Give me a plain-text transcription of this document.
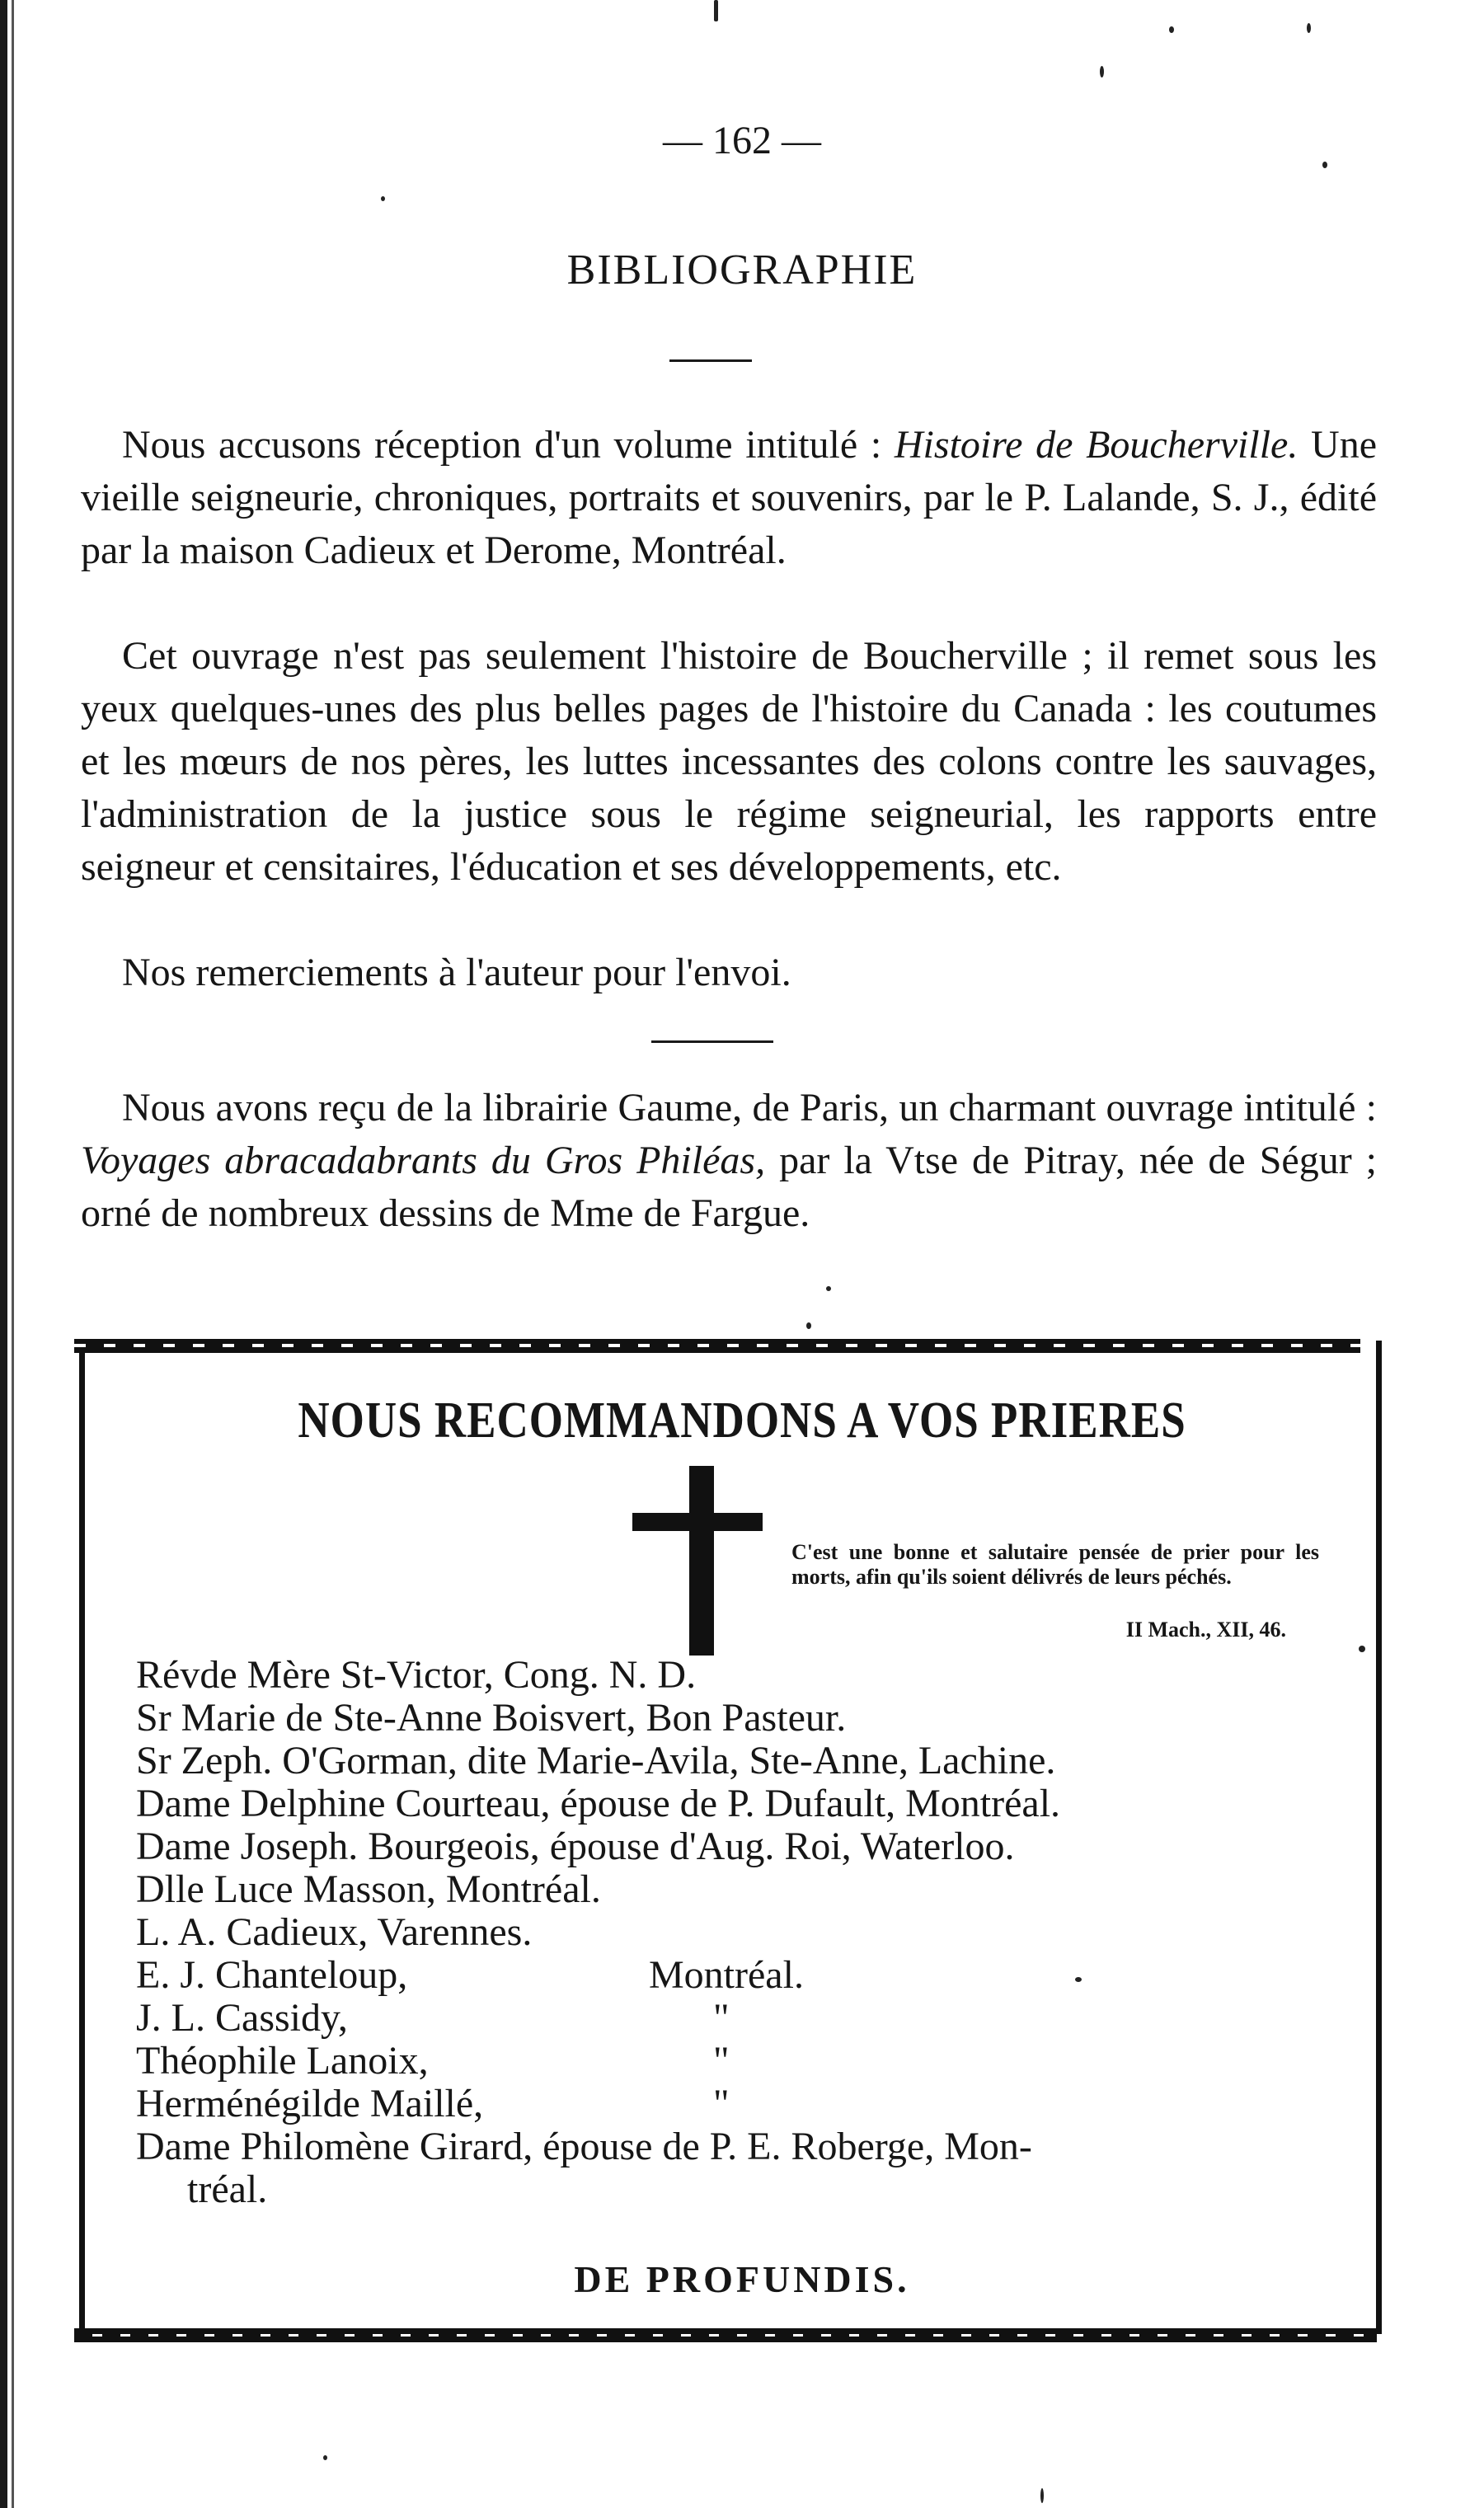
— 162 —
BIBLIOGRAPHIE

Nous accusons réception d'un volume intitulé : Histoire de Boucherville. Une vieille seigneurie, chroniques, portraits et souvenirs, par le P. Lalande, S. J., édité par la maison Cadieux et Derome, Montréal.

Cet ouvrage n'est pas seulement l'histoire de Boucherville ; il remet sous les yeux quelques-unes des plus belles pages de l'histoire du Canada : les coutumes et les mœurs de nos pères, les luttes incessantes des colons contre les sauvages, l'administration de la justice sous le régime seigneurial, les rapports entre seigneur et censitaires, l'éducation et ses développements, etc.

Nos remerciements à l'auteur pour l'envoi.

Nous avons reçu de la librairie Gaume, de Paris, un charmant ouvrage intitulé : Voyages abracadabrants du Gros Philéas, par la Vtse de Pitray, née de Ségur ; orné de nombreux dessins de Mme de Fargue.

NOUS RECOMMANDONS A VOS PRIERES

C'est une bonne et salutaire pensée de prier pour les morts, afin qu'ils soient délivrés de leurs péchés.

II Mach., XII, 46.
Révde Mère St-Victor, Cong. N. D.
Sr Marie de Ste-Anne Boisvert, Bon Pasteur.
Sr Zeph. O'Gorman, dite Marie-Avila, Ste-Anne, Lachine.
Dame Delphine Courteau, épouse de P. Dufault, Montréal.
Dame Joseph. Bourgeois, épouse d'Aug. Roi, Waterloo.
Dlle Luce Masson, Montréal.
L. A. Cadieux, Varennes.
E. J. Chanteloup,	Montréal.
J. L. Cassidy,	"
Théophile Lanoix,	"
Herménégilde Maillé,	"
Dame Philomène Girard, épouse de P. E. Roberge, Mon-
tréal.
DE PROFUNDIS.
